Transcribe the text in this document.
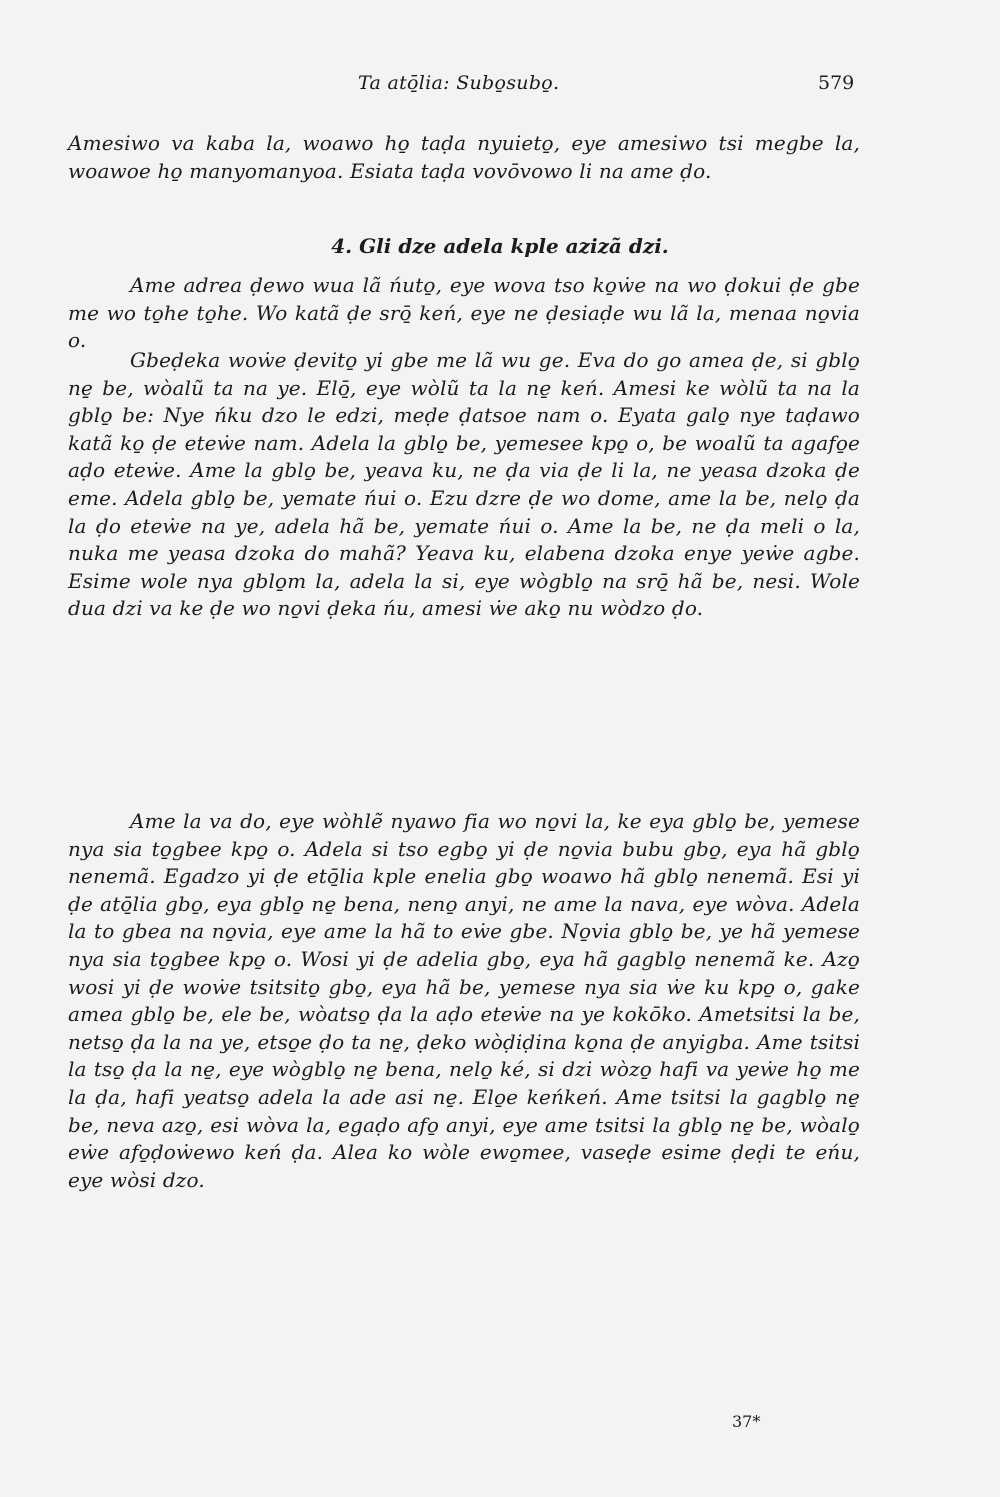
Ta atō̱lia: Subo̱subo̱.	579

Amesiwo va kaba la, woawo ho̱ taḍa nyuieto̱, eye amesiwo tsi megbe la, woawoe ho̱ manyomanyoa. Esiata taḍa vovōvowo li na ame ḍo.

4. Gli dze adela kple azizã dzi.

Ame adrea ḍewo wua lã ńuto̱, eye wova tso ko̱ẇe na wo ḍokui ḍe gbe me wo to̱he to̱he. Wo katã ḍe srō̱ keń, eye ne ḍesiaḍe wu lã la, menaa no̱via o.

Gbeḍeka woẇe ḍevito̱ yi gbe me lã wu ge. Eva do go amea ḍe, si gblo̱ ne̱ be, wòalũ ta na ye. Elō̱, eye wòlũ ta la ne̱ keń. Amesi ke wòlũ ta na la gblo̱ be: Nye ńku dzo le edzi, meḍe ḍatsoe nam o. Eyata galo̱ nye taḍawo katã ko̱ ḍe eteẇe nam. Adela la gblo̱ be, yemesee kpo̱ o, be woalũ ta agafo̱e aḍo eteẇe. Ame la gblo̱ be, yeava ku, ne ḍa via ḍe li la, ne yeasa dzoka ḍe eme. Adela gblo̱ be, yemate ńui o. Ezu dzre ḍe wo dome, ame la be, nelo̱ ḍa la ḍo eteẇe na ye, adela hã be, yemate ńui o. Ame la be, ne ḍa meli o la, nuka me yeasa dzoka do mahã? Yeava ku, elabena dzoka enye yeẇe agbe. Esime wole nya gblo̱m la, adela la si, eye wògblo̱ na srō̱ hã be, nesi. Wole dua dzi va ke ḍe wo no̱vi ḍeka ńu, amesi ẇe ako̱ nu wòdzo ḍo.

Ame la va do, eye wòhlẽ nyawo fia wo no̱vi la, ke eya gblo̱ be, yemese nya sia to̱gbee kpo̱ o. Adela si tso egbo̱ yi ḍe no̱via bubu gbo̱, eya hã gblo̱ nenemã. Egadzo yi ḍe etō̱lia kple enelia gbo̱ woawo hã gblo̱ nenemã. Esi yi ḍe atō̱lia gbo̱, eya gblo̱ ne̱ bena, neno̱ anyi, ne ame la nava, eye wòva. Adela la to gbea na no̱via, eye ame la hã to eẇe gbe. No̱via gblo̱ be, ye hã yemese nya sia to̱gbee kpo̱ o. Wosi yi ḍe adelia gbo̱, eya hã gagblo̱ nenemã ke. Azo̱ wosi yi ḍe woẇe tsitsito̱ gbo̱, eya hã be, yemese nya sia ẇe ku kpo̱ o, gake amea gblo̱ be, ele be, wòatso̱ ḍa la aḍo eteẇe na ye kokōko. Ametsitsi la be, netso̱ ḍa la na ye, etso̱e ḍo ta ne̱, ḍeko wòḍiḍina ko̱na ḍe anyigba. Ame tsitsi la tso̱ ḍa la ne̱, eye wògblo̱ ne̱ bena, nelo̱ ké, si dzi wòzo̱ hafi va yeẇe ho̱ me la ḍa, hafi yeatso̱ adela la ade asi ne̱. Elo̱e keńkeń. Ame tsitsi la gagblo̱ ne̱ be, neva azo̱, esi wòva la, egaḍo afo̱ anyi, eye ame tsitsi la gblo̱ ne̱ be, wòalo̱ eẇe afo̱ḍoẇewo keń ḍa. Alea ko wòle ewo̱mee, vaseḍe esime ḍeḍi te eńu, eye wòsi dzo.

37*
